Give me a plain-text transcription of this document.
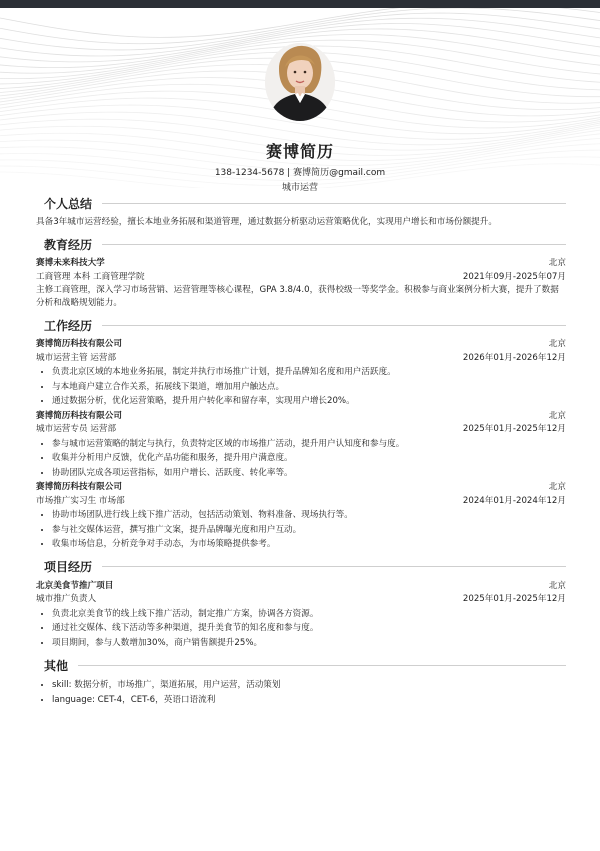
赛博简历
138-1234-5678 | 赛博简历@gmail.com
城市运营
个人总结

具备3年城市运营经验，擅长本地业务拓展和渠道管理，通过数据分析驱动运营策略优化，实现用户增长和市场份额提升。

教育经历
赛博未来科技大学	北京
工商管理 本科 工商管理学院	2021年09月-2025年07月

主修工商管理，深入学习市场营销、运营管理等核心课程，GPA 3.8/4.0，获得校级一等奖学金。积极参与商业案例分析大赛，提升了数据分析和战略规划能力。

工作经历
赛博简历科技有限公司	北京
城市运营主管 运营部	2026年01月-2026年12月
• 负责北京区域的本地业务拓展，制定并执行市场推广计划，提升品牌知名度和用户活跃度。
• 与本地商户建立合作关系，拓展线下渠道，增加用户触达点。
• 通过数据分析，优化运营策略，提升用户转化率和留存率，实现用户增长20%。
赛博简历科技有限公司	北京
城市运营专员 运营部	2025年01月-2025年12月
• 参与城市运营策略的制定与执行，负责特定区域的市场推广活动，提升用户认知度和参与度。
• 收集并分析用户反馈，优化产品功能和服务，提升用户满意度。
• 协助团队完成各项运营指标，如用户增长、活跃度、转化率等。
赛博简历科技有限公司	北京
市场推广实习生 市场部	2024年01月-2024年12月
• 协助市场团队进行线上线下推广活动，包括活动策划、物料准备、现场执行等。
• 参与社交媒体运营，撰写推广文案，提升品牌曝光度和用户互动。
• 收集市场信息，分析竞争对手动态，为市场策略提供参考。
项目经历
北京美食节推广项目	北京
城市推广负责人	2025年01月-2025年12月
• 负责北京美食节的线上线下推广活动，制定推广方案，协调各方资源。
• 通过社交媒体、线下活动等多种渠道，提升美食节的知名度和参与度。
• 项目期间，参与人数增加30%，商户销售额提升25%。
其他
• skill: 数据分析，市场推广，渠道拓展，用户运营，活动策划
• language: CET-4，CET-6，英语口语流利
